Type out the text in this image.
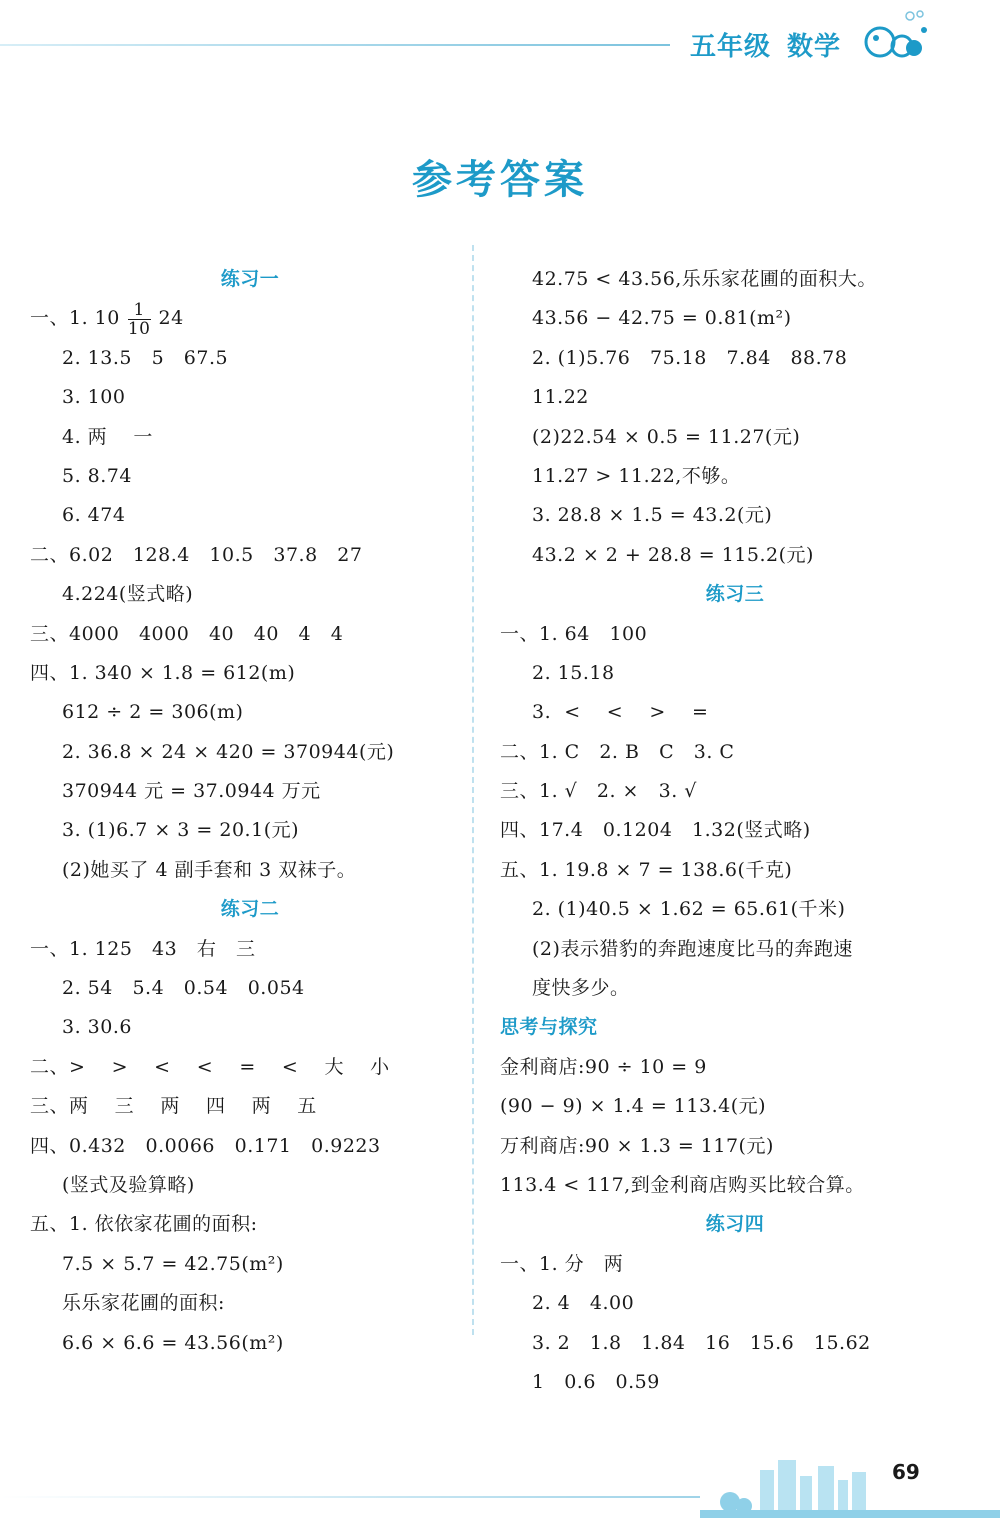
五年级 数学
参考答案
练习一
一、1. $10 \frac{1}{10} 24$
2. 13.5   5   67.5
3. 100
4. 两    一
5. 8.74
6. 474
二、6.02   128.4   10.5   37.8   27
4.224(竖式略)
三、4000   4000   40   40   4   4
四、1. 340 × 1.8 = 612(m)
612 ÷ 2 = 306(m)
2. 36.8 × 24 × 420 = 370944(元)
370944 元 = 37.0944 万元
3. (1)6.7 × 3 = 20.1(元)
(2)她买了 4 副手套和 3 双袜子。
练习二
一、1. 125   43   右   三
2. 54   5.4   0.54   0.054
3. 30.6
二、>    >    <    <    =    <    大    小
三、两    三    两    四    两    五
四、0.432   0.0066   0.171   0.9223
(竖式及验算略)
五、1. 依依家花圃的面积:
7.5 × 5.7 = 42.75(m²)
乐乐家花圃的面积:
6.6 × 6.6 = 43.56(m²)
42.75 < 43.56,乐乐家花圃的面积大。
43.56 − 42.75 = 0.81(m²)
2. (1)5.76   75.18   7.84   88.78
11.22
(2)22.54 × 0.5 = 11.27(元)
11.27 > 11.22,不够。
3. 28.8 × 1.5 = 43.2(元)
43.2 × 2 + 28.8 = 115.2(元)
练习三
一、1. 64   100
2. 15.18
3.  <    <    >    =
二、1. C   2. B   C   3. C
三、1. √   2. ×   3. √
四、17.4   0.1204   1.32(竖式略)
五、1. 19.8 × 7 = 138.6(千克)
2. (1)40.5 × 1.62 = 65.61(千米)
(2)表示猎豹的奔跑速度比马的奔跑速
度快多少。
思考与探究
金利商店:90 ÷ 10 = 9
(90 − 9) × 1.4 = 113.4(元)
万利商店:90 × 1.3 = 117(元)
113.4 < 117,到金利商店购买比较合算。
练习四
一、1. 分   两
2. 4   4.00
3. 2   1.8   1.84   16   15.6   15.62
1   0.6   0.59
69
